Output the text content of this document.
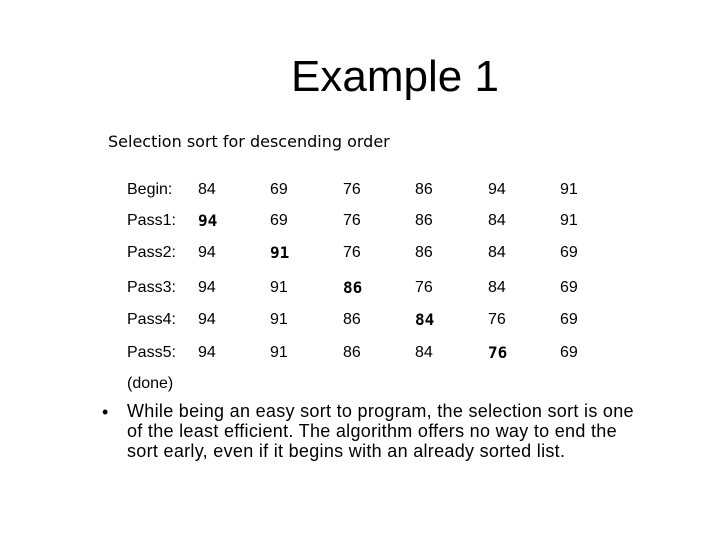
Example 1
Selection sort for descending order
Begin: 84	69	76	86	94	91
Pass1: 94	69	76	86	84	91
Pass2: 94	91	76	86	84	69
Pass3: 94	91	86	76	84	69
Pass4: 94	91	86	84	76	69
Pass5: 94	91	86	84	76	69
(done)
• While being an easy sort to program, the selection sort is one of the least efficient. The algorithm offers no way to end the sort early, even if it begins with an already sorted list.
